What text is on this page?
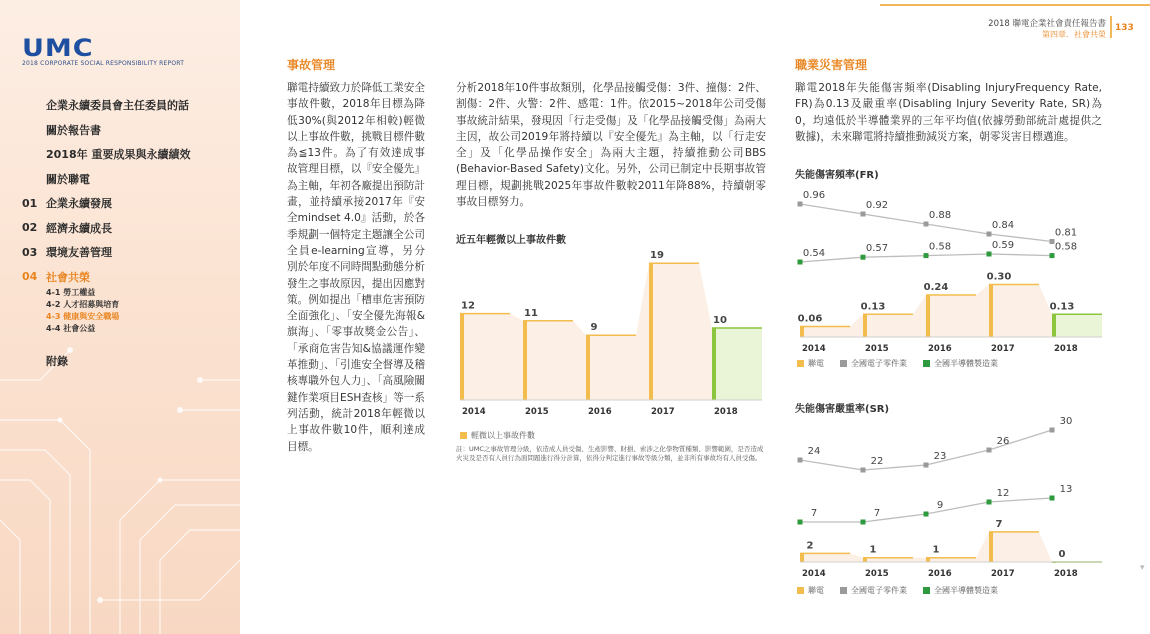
UMC
2018 CORPORATE SOCIAL RESPONSIBILITY REPORT
企業永續委員會主任委員的話
關於報告書
2018年 重要成果與永續績效
關於聯電
01 企業永續發展
02 經濟永續成長
03 環境友善管理
04 社會共榮
4-1 勞工權益
4-2 人才招募與培育
4-3 健康與安全職場
4-4 社會公益
附錄
2018 聯電企業社會責任報告書
第四章．社會共榮
133
事故管理
聯電持續致力於降低工業安全事故件數，2018年目標為降低30%(與2012年相較)輕微以上事故件數，挑戰目標件數為≦13件。為了有效達成事故管理目標，以『安全優先』為主軸，年初各廠提出預防計畫，並持續承接2017年『安全mindset 4.0』活動，於各季規劃一個特定主題讓全公司全員e-learning宣導，另分別於年度不同時間點動態分析發生之事故原因，提出因應對策。例如提出「槽車危害預防全面強化」、「安全優先海報&旗海」、「零事故獎金公告」、「承商危害告知&協議運作變革推動」、「引進安全督導及稽核專職外包人力」、「高風險關鍵作業項目ESH查核」等一系列活動，統計2018年輕微以上事故件數10件，順利達成目標。
分析2018年10件事故類別，化學品接觸受傷：3件、撞傷：2件、割傷：2件、火警：2件、感電：1件。依2015~2018年公司受傷事故統計結果，發現因「行走受傷」及「化學品接觸受傷」為兩大主因，故公司2019年將持續以『安全優先』為主軸，以「行走安全」及「化學品操作安全」為兩大主題，持續推動公司BBS (Behavior-Based Safety)文化。另外，公司已制定中長期事故管理目標，規劃挑戰2025年事故件數較2011年降88%，持續朝零事故目標努力。
近五年輕微以上事故件數
12
2014
11
2015
9
2016
19
2017
10
2018
輕微以上事故件數
註：UMC之事故管理分級，依造成人員受傷、生產影響、財損、索涉之化學物質種類、影響範圍，是否造成火災及是否有人員行為面問題進行得分計算，依得分判定進行事故等級分類，並非所有事故均有人員受傷。
職業災害管理
聯電2018年失能傷害頻率(Disabling InjuryFrequency Rate, FR)為0.13及嚴重率(Disabling Injury Severity Rate, SR)為0，均遠低於半導體業界的三年平均值(依據勞動部統計處提供之數據)，未來聯電將持續推動減災方案，朝零災害目標邁進。
失能傷害頻率(FR)
0.06
2014
0.13
2015
0.24
2016
0.30
2017
0.13
2018
0.96
0.92
0.88
0.84
0.81
0.54	0.57	0.58	0.59	0.58
聯電	全國電子零件業	全國半導體製造業
失能傷害嚴重率(SR)
2
2014
1
2015
1
2016
7
2017
0
2018
24
22	23
26
30
7	7
9
12	13
聯電	全國電子零件業	全國半導體製造業
▾
